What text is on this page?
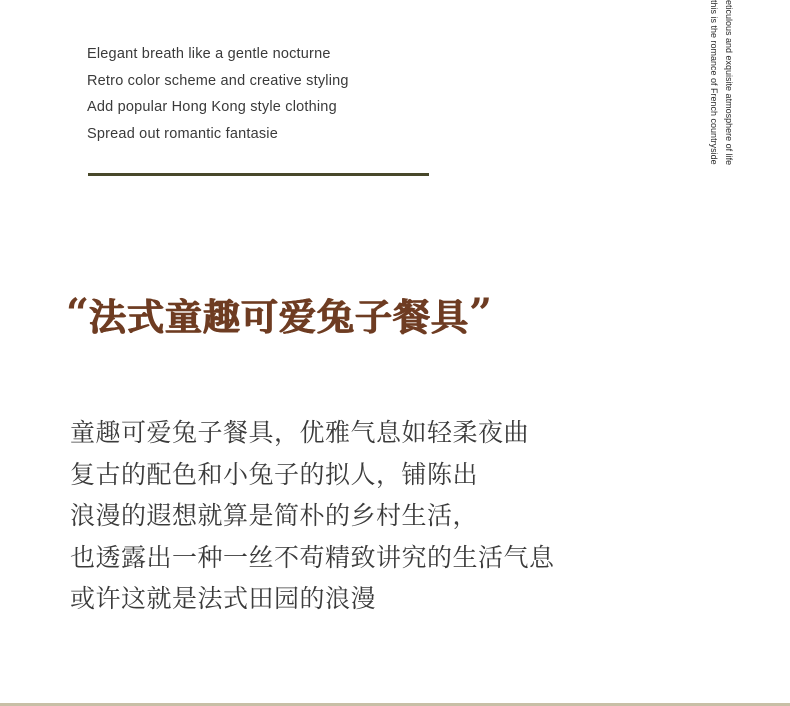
Elegant breath like a gentle nocturne
Retro color scheme and creative styling
Add popular Hong Kong style clothing
Spread out romantic fantasie	this is the romance of French countryside eticulous and exquisite atmosphere of life
“ 法式童趣可爱兔子餐具 ”
童趣可爱兔子餐具，优雅气息如轻柔夜曲
复古的配色和小兔子的拟人，铺陈出
浪漫的遐想就算是简朴的乡村生活，
也透露出一种一丝不苟精致讲究的生活气息
或许这就是法式田园的浪漫
